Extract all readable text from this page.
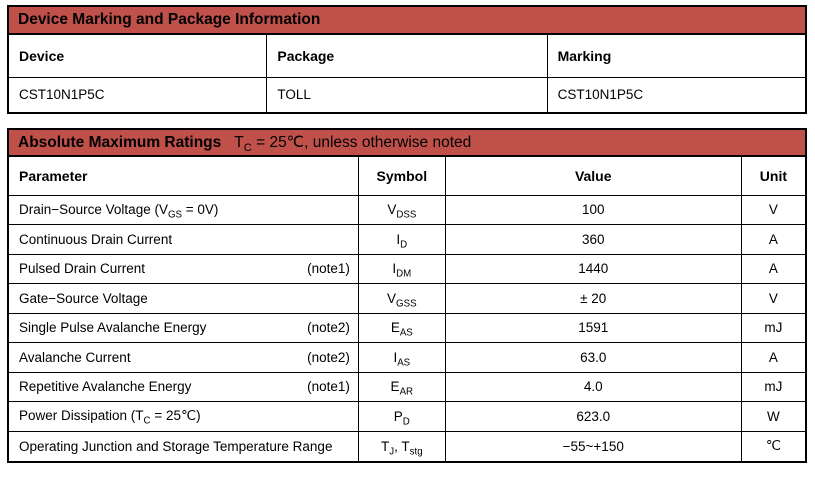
Device Marking and Package Information
Device	Package	Marking
CST10N1P5C	TOLL	CST10N1P5C
Absolute Maximum Ratings $T_C$ = 25℃, unless otherwise noted
Parameter	Symbol	Value	Unit

Drain−Source Voltage $(V_{GS} = 0V)$	$V_{DSS}$	100	V

Continuous Drain Current	$I_D$	360	A

Pulsed Drain Current (note1)	$I_{DM}$	1440	A

Gate−Source Voltage	$V_{GSS}$	± 20	V

Single Pulse Avalanche Energy (note2)	$E_{AS}$	1591	mJ

Avalanche Current (note2)	$I_{AS}$	63.0	A

Repetitive Avalanche Energy (note1)	$E_{AR}$	4.0	mJ

Power Dissipation ($T_C$ = 25℃)	$P_D$	623.0	W

Operating Junction and Storage Temperature Range	$T_J$, $T_{stg}$	−55~+150	℃
